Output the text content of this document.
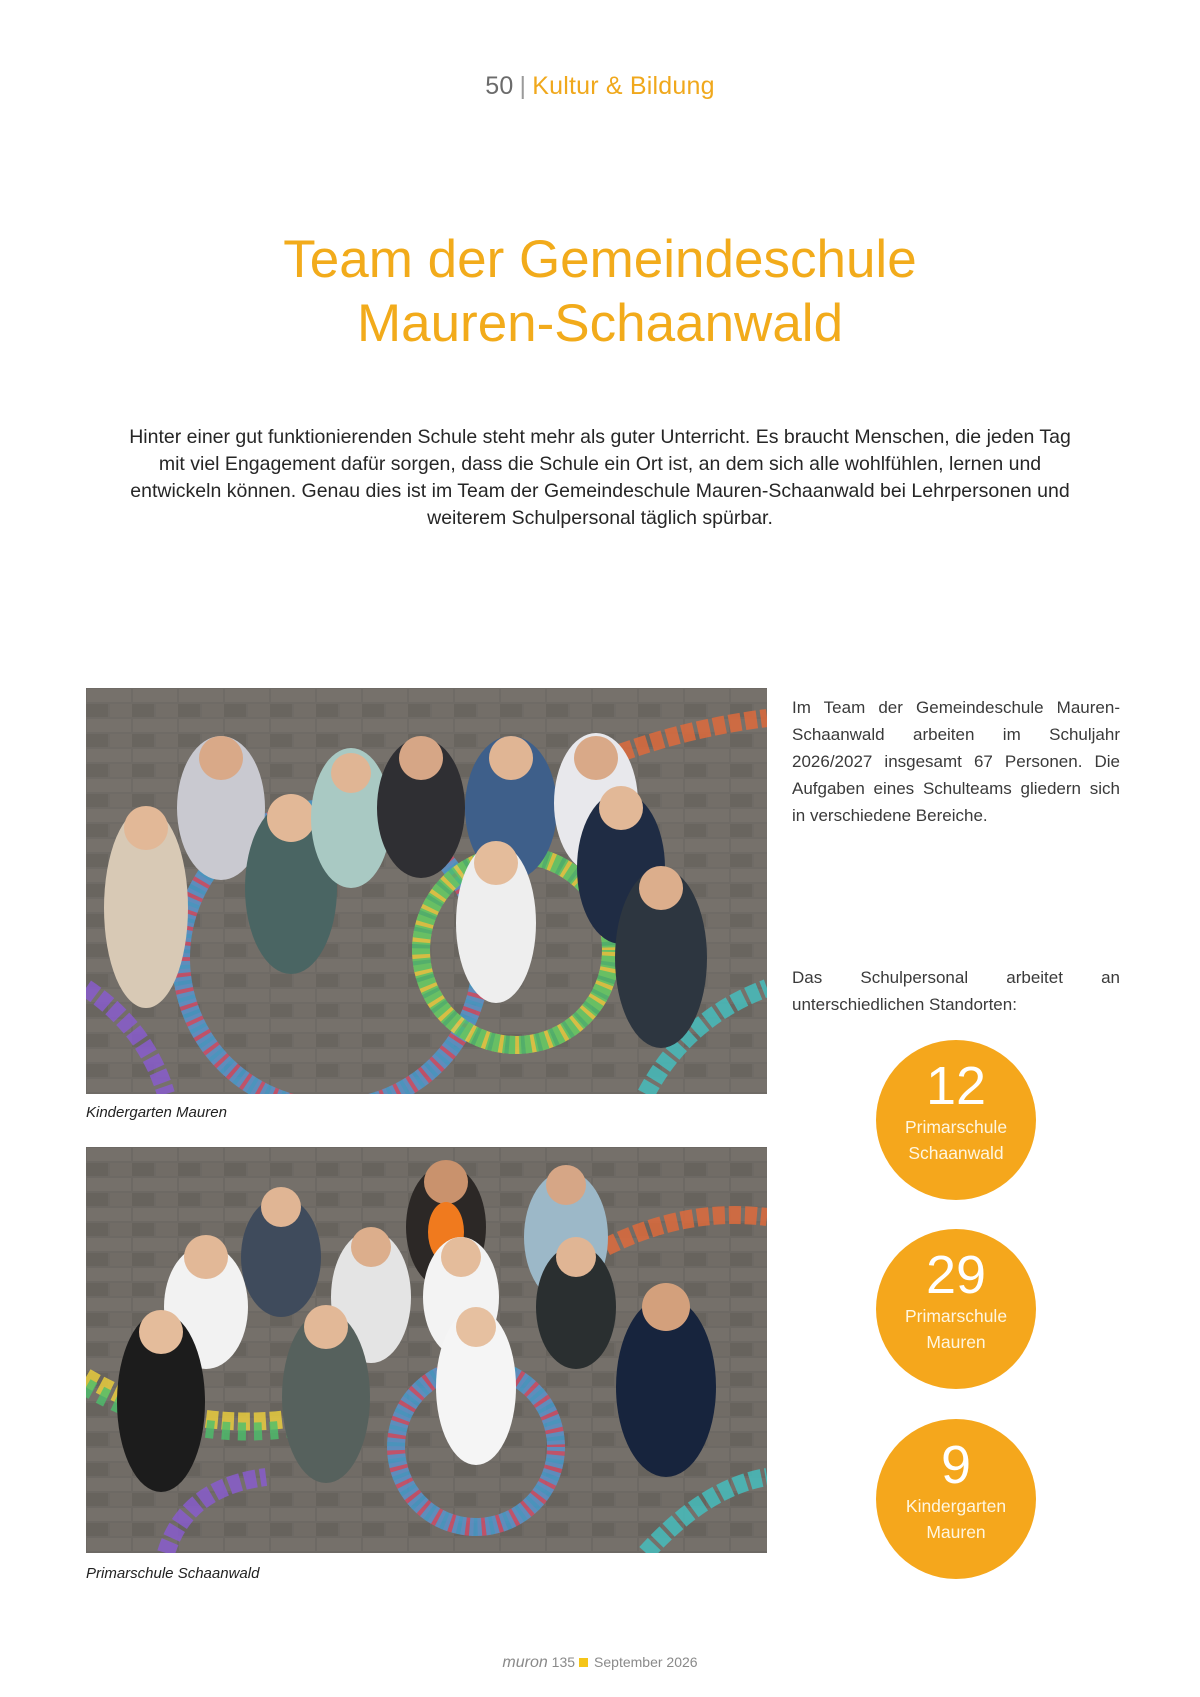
50 | Kultur & Bildung
Team der Gemeindeschule
Mauren-Schaanwald
Hinter einer gut funktionierenden Schule steht mehr als guter Unterricht. Es braucht Menschen, die jeden Tag mit viel Engagement dafür sorgen, dass die Schule ein Ort ist, an dem sich alle wohlfühlen, lernen und entwickeln können. Genau dies ist im Team der Gemeindeschule Mauren-Schaanwald bei Lehrpersonen und weiterem Schulpersonal täglich spürbar.
Kindergarten Mauren
Primarschule Schaanwald
Im Team der Gemeindeschule Mauren-Schaanwald arbeiten im Schuljahr 2026/2027 insgesamt 67 Personen. Die Aufgaben eines Schulteams gliedern sich in verschiedene Bereiche.
Das Schulpersonal arbeitet an unterschiedlichen Standorten:
12
Primarschule
Schaanwald
29
Primarschule
Mauren
9
Kindergarten
Mauren
muron 135 September 2026
